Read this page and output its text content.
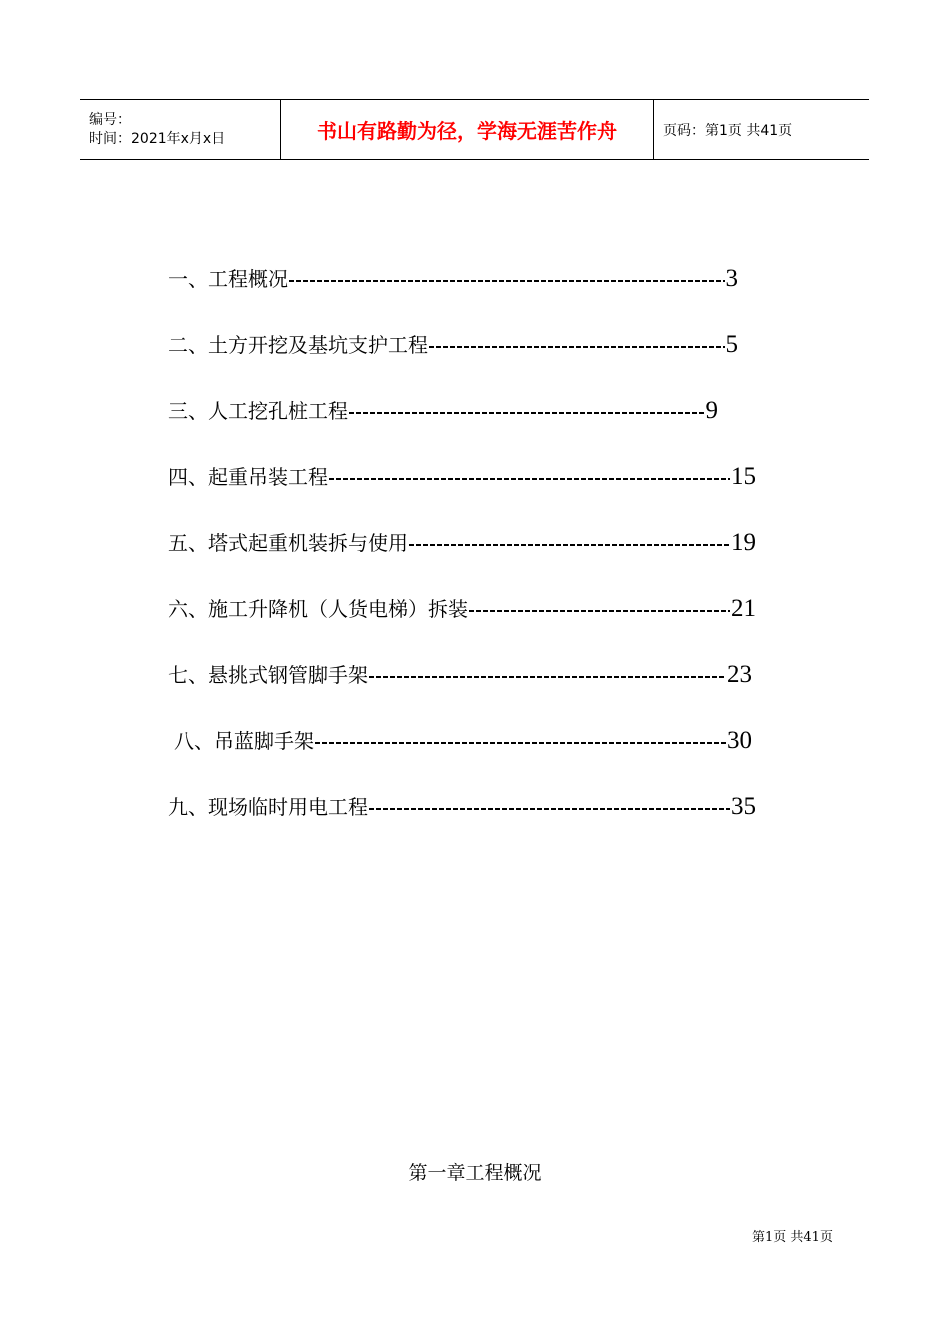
编号：
时间：2021年x月x日	书山有路勤为径，学海无涯苦作舟	页码：第1页 共41页
一、工程概况	3
二、土方开挖及基坑支护工程	5
三、人工挖孔桩工程	9
四、起重吊装工程	15
五、塔式起重机装拆与使用	19
六、施工升降机（人货电梯）拆装	21
七、悬挑式钢管脚手架	23
八、吊蓝脚手架	30
九、现场临时用电工程	35
第一章工程概况
第1页 共41页
